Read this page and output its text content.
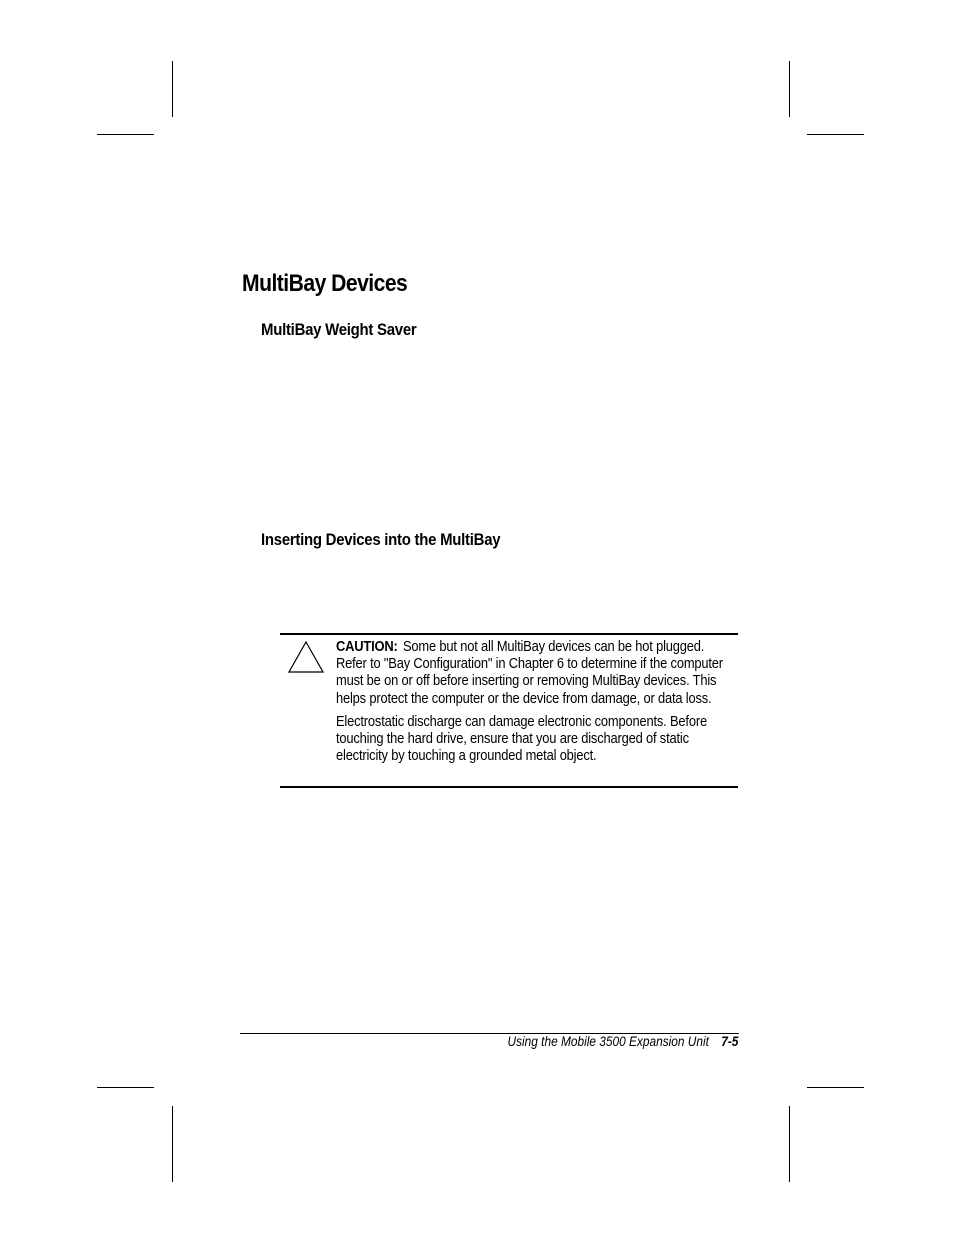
MultiBay Devices
MultiBay Weight Saver
Inserting Devices into the MultiBay

CAUTION: Some but not all MultiBay devices can be hot plugged. Refer to "Bay Configuration" in Chapter 6 to determine if the computer must be on or off before inserting or removing MultiBay devices. This helps protect the computer or the device from damage, or data loss.

Electrostatic discharge can damage electronic components. Before touching the hard drive, ensure that you are discharged of static electricity by touching a grounded metal object.

Using the Mobile 3500 Expansion Unit 7-5
